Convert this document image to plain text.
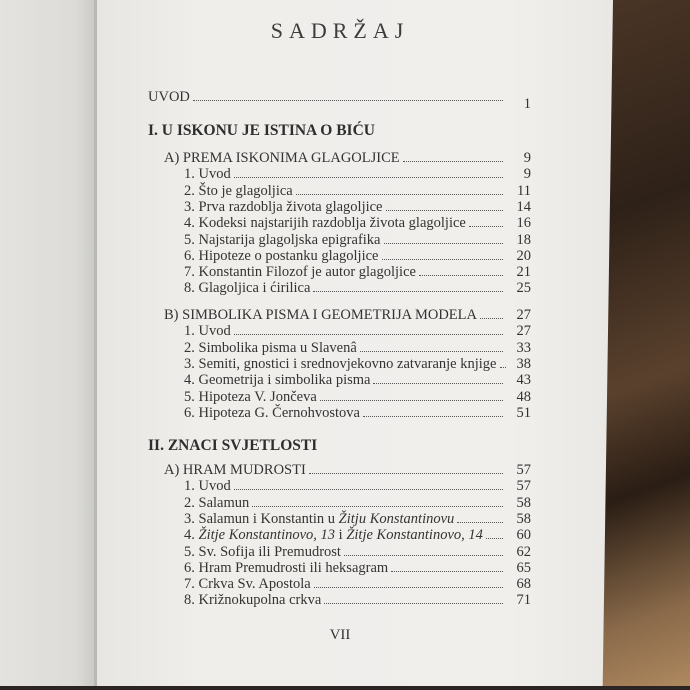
SADRŽAJ
UVOD	1
I. U ISKONU JE ISTINA O BIĆU
A) PREMA ISKONIMA GLAGOLJICE	9
1. Uvod	9
2. Što je glagoljica	11
3. Prva razdoblja života glagoljice	14
4. Kodeksi najstarijih razdoblja života glagoljice	16
5. Najstarija glagoljska epigrafika	18
6. Hipoteze o postanku glagoljice	20
7. Konstantin Filozof je autor glagoljice	21
8. Glagoljica i ćirilica	25
B) SIMBOLIKA PISMA I GEOMETRIJA MODELA	27
1. Uvod	27
2. Simbolika pisma u Slavenâ	33
3. Semiti, gnostici i srednovjekovno zatvaranje knjige	38
4. Geometrija i simbolika pisma	43
5. Hipoteza V. Jončeva	48
6. Hipoteza G. Černohvostova	51
II. ZNACI SVJETLOSTI
A) HRAM MUDROSTI	57
1. Uvod	57
2. Salamun	58
3. Salamun i Konstantin u Žitju Konstantinovu	58
4. Žitje Konstantinovo, 13 i Žitje Konstantinovo, 14	60
5. Sv. Sofija ili Premudrost	62
6. Hram Premudrosti ili heksagram	65
7. Crkva Sv. Apostola	68
8. Križnokupolna crkva	71
VII
